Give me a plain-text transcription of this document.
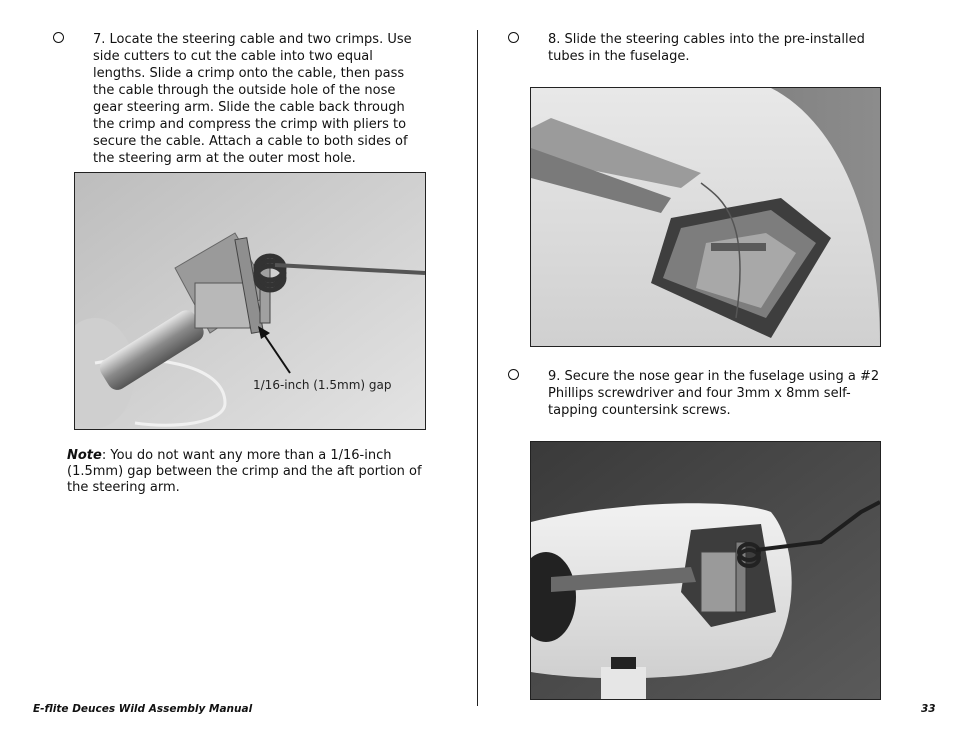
7. Locate the steering cable and two crimps. Use side cutters to cut the cable into two equal lengths. Slide a crimp onto the cable, then pass the cable through the outside hole of the nose gear steering arm. Slide the cable back through the crimp and compress the crimp with pliers to secure the cable. Attach a cable to both sides of the steering arm at the outer most hole.
1/16-inch (1.5mm) gap
Note: You do not want any more than a 1/16-inch (1.5mm) gap between the crimp and the aft portion of the steering arm.
8. Slide the steering cables into the pre-installed tubes in the fuselage.
9. Secure the nose gear in the fuselage using a #2 Phillips screwdriver and four 3mm x 8mm self-tapping countersink screws.
E-flite Deuces Wild Assembly Manual	33
